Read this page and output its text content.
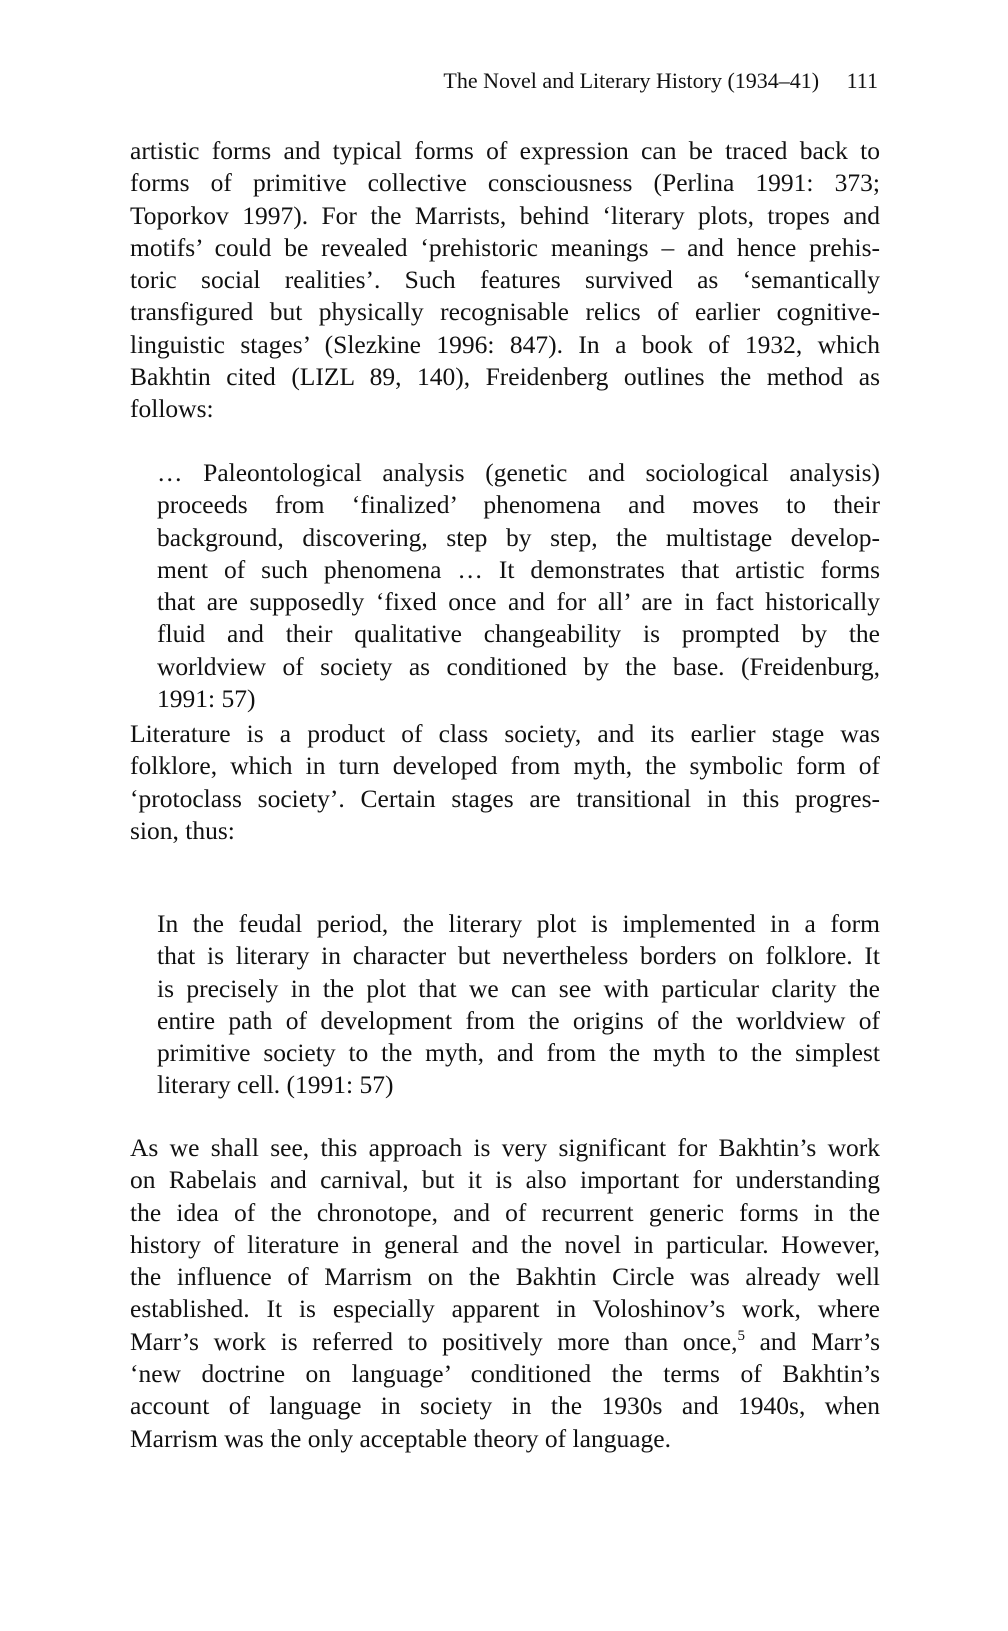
The Novel and Literary History (1934–41) 111
artistic forms and typical forms of expression can be traced back to
forms of primitive collective consciousness (Perlina 1991: 373;
Toporkov 1997). For the Marrists, behind ‘literary plots, tropes and
motifs’ could be revealed ‘prehistoric meanings – and hence prehis-
toric social realities’. Such features survived as ‘semantically
transfigured but physically recognisable relics of earlier cognitive-
linguistic stages’ (Slezkine 1996: 847). In a book of 1932, which
Bakhtin cited (LIZL 89, 140), Freidenberg outlines the method as
follows:
… Paleontological analysis (genetic and sociological analysis)
proceeds from ‘finalized’ phenomena and moves to their
background, discovering, step by step, the multistage develop-
ment of such phenomena … It demonstrates that artistic forms
that are supposedly ‘fixed once and for all’ are in fact historically
fluid and their qualitative changeability is prompted by the
worldview of society as conditioned by the base. (Freidenburg,
1991: 57)
Literature is a product of class society, and its earlier stage was
folklore, which in turn developed from myth, the symbolic form of
‘protoclass society’. Certain stages are transitional in this progres-
sion, thus:
In the feudal period, the literary plot is implemented in a form
that is literary in character but nevertheless borders on folklore. It
is precisely in the plot that we can see with particular clarity the
entire path of development from the origins of the worldview of
primitive society to the myth, and from the myth to the simplest
literary cell. (1991: 57)
As we shall see, this approach is very significant for Bakhtin’s work
on Rabelais and carnival, but it is also important for understanding
the idea of the chronotope, and of recurrent generic forms in the
history of literature in general and the novel in particular. However,
the influence of Marrism on the Bakhtin Circle was already well
established. It is especially apparent in Voloshinov’s work, where
Marr’s work is referred to positively more than once,$^5$ and Marr’s
‘new doctrine on language’ conditioned the terms of Bakhtin’s
account of language in society in the 1930s and 1940s, when
Marrism was the only acceptable theory of language.
